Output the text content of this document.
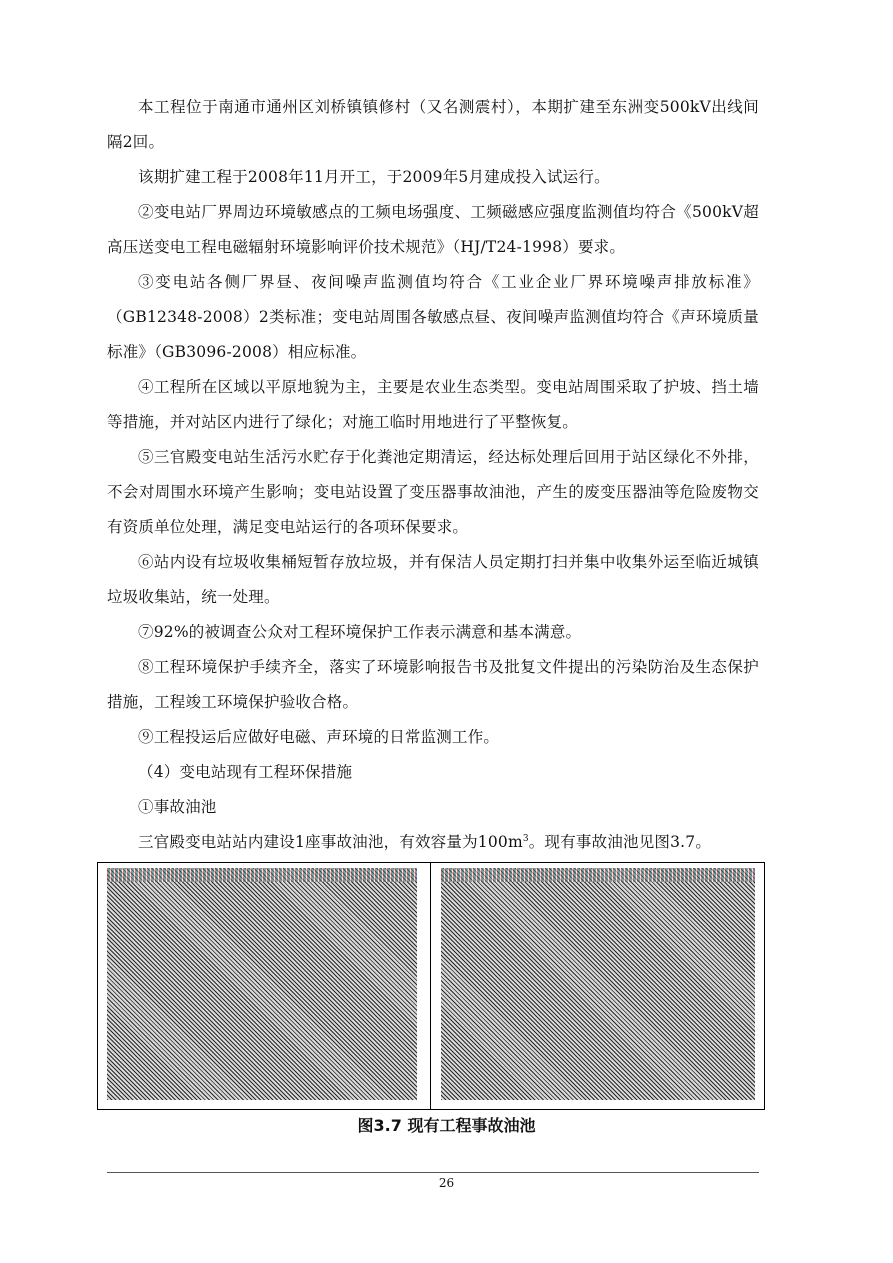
本工程位于南通市通州区刘桥镇镇修村（又名测震村），本期扩建至东洲变500kV出线间隔2回。

该期扩建工程于2008年11月开工，于2009年5月建成投入试运行。

②变电站厂界周边环境敏感点的工频电场强度、工频磁感应强度监测值均符合《500kV超高压送变电工程电磁辐射环境影响评价技术规范》（HJ/T24-1998）要求。

③变电站各侧厂界昼、夜间噪声监测值均符合《工业企业厂界环境噪声排放标准》（GB12348-2008）2类标准；变电站周围各敏感点昼、夜间噪声监测值均符合《声环境质量标准》（GB3096-2008）相应标准。

④工程所在区域以平原地貌为主，主要是农业生态类型。变电站周围采取了护坡、挡土墙等措施，并对站区内进行了绿化；对施工临时用地进行了平整恢复。

⑤三官殿变电站生活污水贮存于化粪池定期清运，经达标处理后回用于站区绿化不外排，不会对周围水环境产生影响；变电站设置了变压器事故油池，产生的废变压器油等危险废物交有资质单位处理，满足变电站运行的各项环保要求。

⑥站内设有垃圾收集桶短暂存放垃圾，并有保洁人员定期打扫并集中收集外运至临近城镇垃圾收集站，统一处理。

⑦92%的被调查公众对工程环境保护工作表示满意和基本满意。

⑧工程环境保护手续齐全，落实了环境影响报告书及批复文件提出的污染防治及生态保护措施，工程竣工环境保护验收合格。

⑨工程投运后应做好电磁、声环境的日常监测工作。

（4）变电站现有工程环保措施

①事故油池

三官殿变电站站内建设1座事故油池，有效容量为$100m^3$。现有事故油池见图3.7。

图3.7 现有工程事故油池
26
